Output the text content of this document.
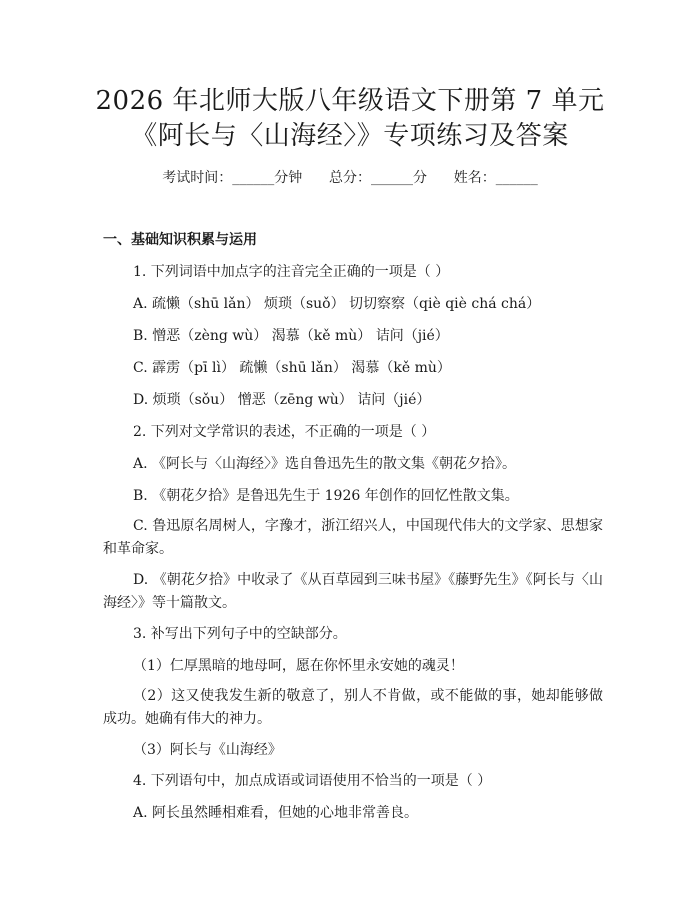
2026 年北师大版八年级语文下册第 7 单元
《阿长与〈山海经〉》专项练习及答案
考试时间：______分钟      总分：______分      姓名：______
一、基础知识积累与运用
1. 下列词语中加点字的注音完全正确的一项是（ ）
A. 疏懒（shū lǎn） 烦琐（suǒ） 切切察察（qiè qiè chá chá）
B. 憎恶（zèng wù） 渴慕（kě mù） 诘问（jié）
C. 霹雳（pī lì） 疏懒（shū lǎn） 渴慕（kě mù）
D. 烦琐（sǒu） 憎恶（zēng wù） 诘问（jié）
2. 下列对文学常识的表述，不正确的一项是（ ）
A. 《阿长与〈山海经〉》选自鲁迅先生的散文集《朝花夕拾》。
B. 《朝花夕拾》是鲁迅先生于 1926 年创作的回忆性散文集。
C. 鲁迅原名周树人，字豫才，浙江绍兴人，中国现代伟大的文学家、思想家和革命家。
D. 《朝花夕拾》中收录了《从百草园到三味书屋》《藤野先生》《阿长与〈山海经〉》等十篇散文。
3. 补写出下列句子中的空缺部分。
（1）仁厚黑暗的地母呵，愿在你怀里永安她的魂灵！
（2）这又使我发生新的敬意了，别人不肯做，或不能做的事，她却能够做成功。她确有伟大的神力。
（3）阿长与《山海经》
4. 下列语句中，加点成语或词语使用不恰当的一项是（ ）
A. 阿长虽然睡相难看，但她的心地非常善良。
